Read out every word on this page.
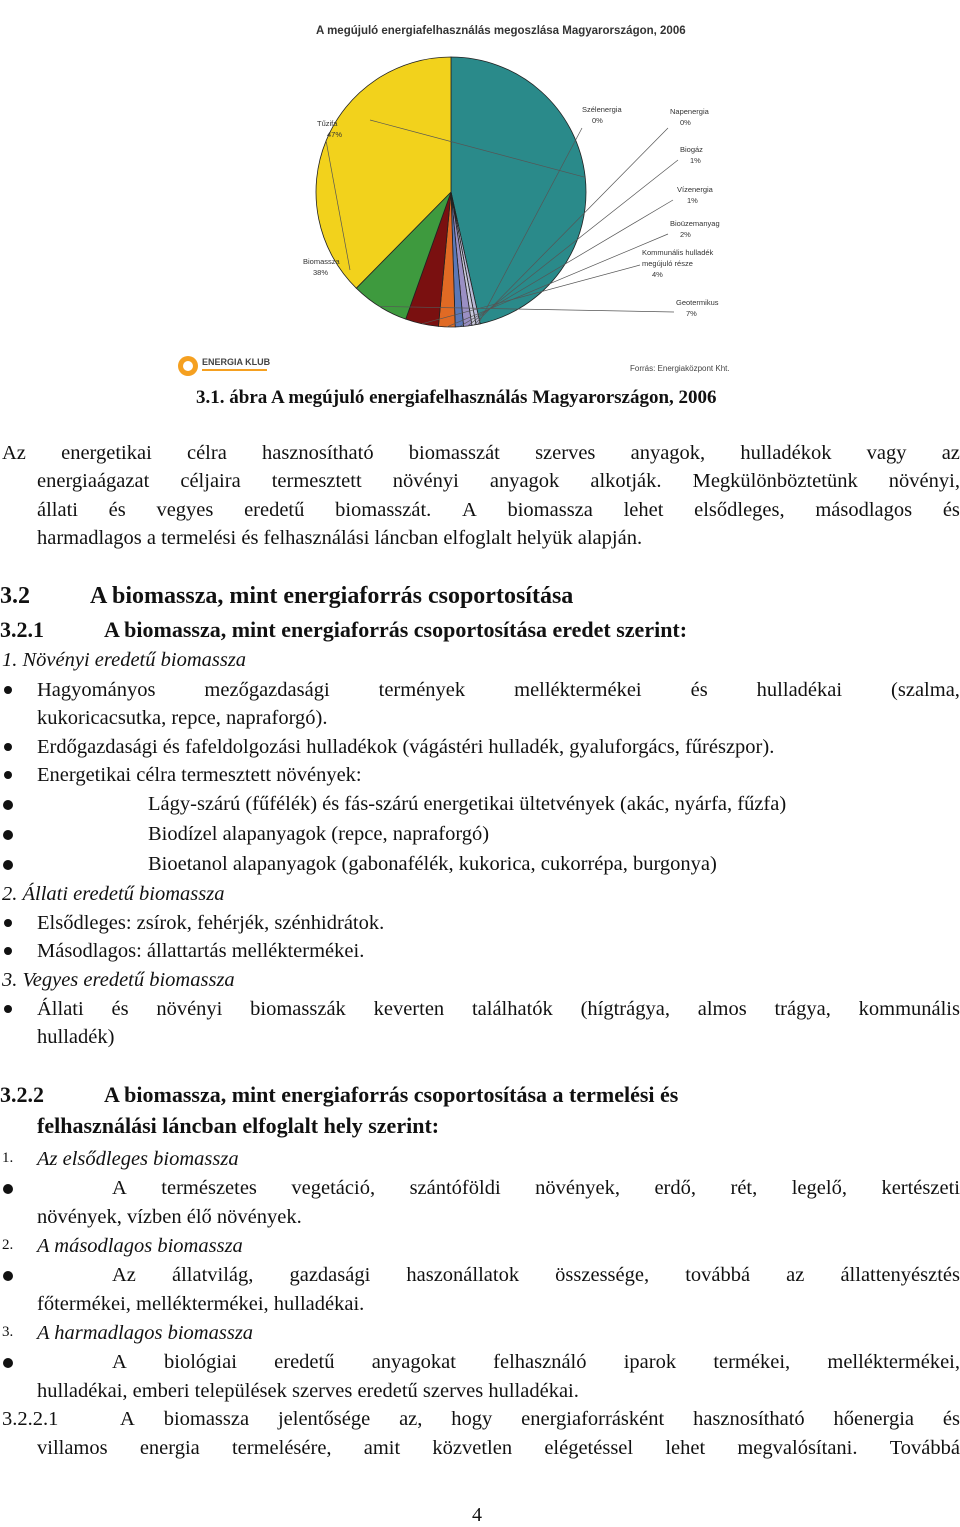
A megújuló energiafelhasználás megoszlása Magyarországon, 2006
Tűzifa
47%
Szélenergia
0%
Napenergia
0%
Biogáz
1%
Vízenergia
1%
Bioüzemanyag
2%
Kommunális hulladék
megújuló része
4%
Geotermikus
7%
Biomassza
38%
ENERGIA KLUB
Forrás: Energiaközpont Kht.
3.1. ábra A megújuló energiafelhasználás Magyarországon, 2006
Az energetikai célra hasznosítható biomasszát szerves anyagok, hulladékok vagy az
energiaágazat céljaira termesztett növényi anyagok alkotják. Megkülönböztetünk növényi,
állati és vegyes eredetű biomasszát. A biomassza lehet elsődleges, másodlagos és
harmadlagos a termelési és felhasználási láncban elfoglalt helyük alapján.
3.2	A biomassza, mint energiaforrás csoportosítása
3.2.1	A biomassza, mint energiaforrás csoportosítása eredet szerint:
1. Növényi eredetű biomassza
Hagyományos mezőgazdasági termények melléktermékei és hulladékai (szalma,
kukoricacsutka, repce, napraforgó).
Erdőgazdasági és fafeldolgozási hulladékok (vágástéri hulladék, gyaluforgács, fűrészpor).
Energetikai célra termesztett növények:
Lágy-szárú (fűfélék) és fás-szárú energetikai ültetvények (akác, nyárfa, fűzfa)
Biodízel alapanyagok (repce, napraforgó)
Bioetanol alapanyagok (gabonafélék, kukorica, cukorrépa, burgonya)
2. Állati eredetű biomassza
Elsődleges: zsírok, fehérjék, szénhidrátok.
Másodlagos: állattartás melléktermékei.
3. Vegyes eredetű biomassza
Állati és növényi biomasszák keverten találhatók (hígtrágya, almos trágya, kommunális
hulladék)
3.2.2	A biomassza, mint energiaforrás csoportosítása a termelési és
felhasználási láncban elfoglalt hely szerint:
1. Az elsődleges biomassza
A természetes vegetáció, szántóföldi növények, erdő, rét, legelő, kertészeti
növények, vízben élő növények.
2. A másodlagos biomassza
Az állatvilág, gazdasági haszonállatok összessége, továbbá az állattenyésztés
főtermékei, melléktermékei, hulladékai.
3. A harmadlagos biomassza
A biológiai eredetű anyagokat felhasználó iparok termékei, melléktermékei,
hulladékai, emberi települések szerves eredetű szerves hulladékai.
3.2.2.1	A biomassza jelentősége az, hogy energiaforrásként hasznosítható hőenergia és
villamos energia termelésére, amit közvetlen elégetéssel lehet megvalósítani. Továbbá
4
